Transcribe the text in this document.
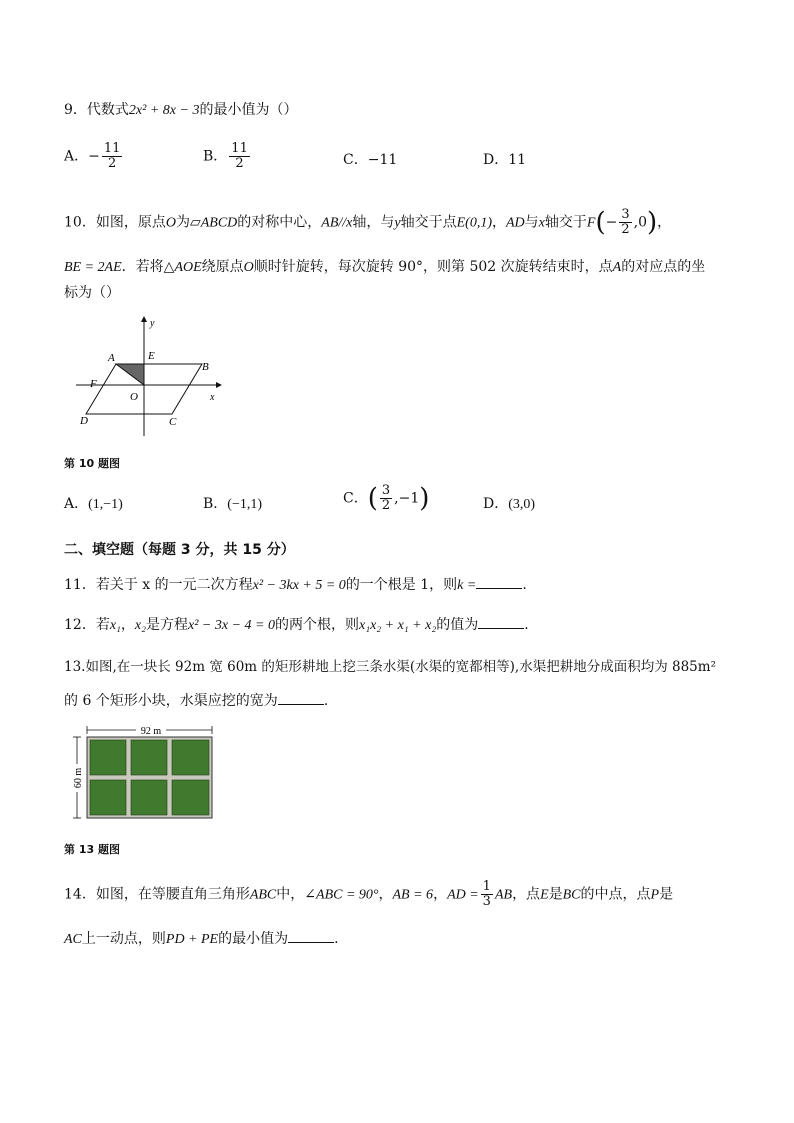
9．代数式2x² + 8x − 3的最小值为（）
A．− $\frac{11}{2}$	B． $\frac{11}{2}$	C．−11	D．11
10．如图，原点O为▱ABCD的对称中心，AB//x轴，与y轴交于点E(0,1)，AD与x轴交于$F(- \frac{3}{2} ,0)$，
BE = 2AE．若将△AOE绕原点O顺时针旋转，每次旋转 90°，则第 502 次旋转结束时，点A的对应点的坐
标为（）
A	E
B
F
O
D	C
x
y
第 10 题图
A．(1,−1)	B．(−1,1)	C．( $\frac{3}{2} ,-1$)	D．(3,0)
二、填空题（每题 3 分，共 15 分）
11．若关于 x 的一元二次方程x² − 3kx + 5 = 0的一个根是 1，则k =	.
12．若x₁，x₂是方程x² − 3x − 4 = 0的两个根，则x₁x₂ + x₁ + x₂的值为	.
13.如图,在一块长 92m 宽 60m 的矩形耕地上挖三条水渠(水渠的宽都相等),水渠把耕地分成面积均为 885m²
的 6 个矩形小块，水渠应挖的宽为	.
92 m
60 m
第 13 题图
14．如图，在等腰直角三角形ABC中，∠ABC = 90°，AB = 6，AD = $\frac{1}{3}$ AB，点E是BC的中点，点P是
AC上一动点，则PD + PE的最小值为	.
